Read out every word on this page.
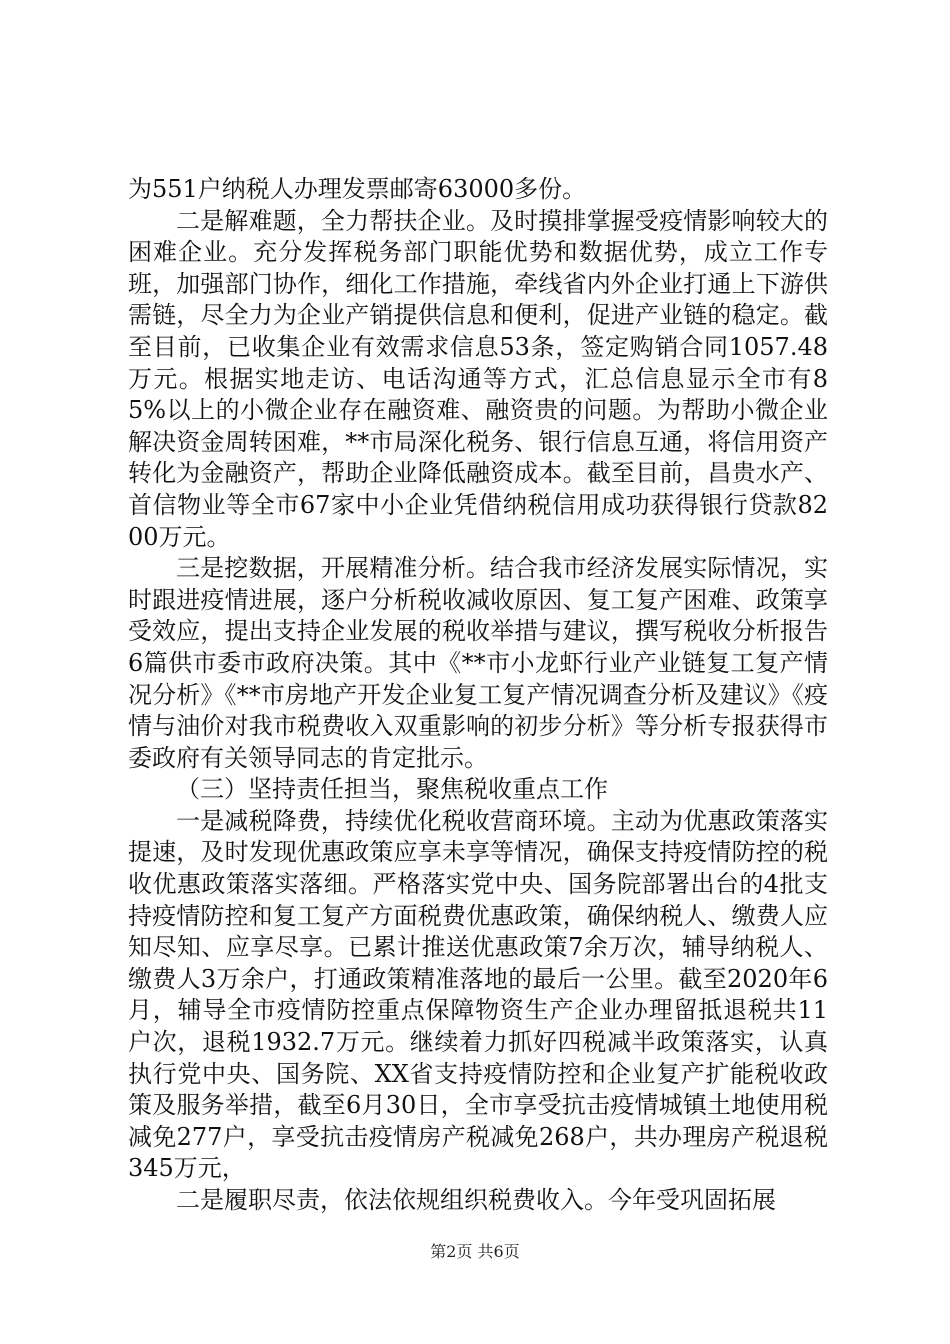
为551户纳税人办理发票邮寄63000多份。

二是解难题，全力帮扶企业。及时摸排掌握受疫情影响较大的困难企业。充分发挥税务部门职能优势和数据优势，成立工作专班，加强部门协作，细化工作措施，牵线省内外企业打通上下游供需链，尽全力为企业产销提供信息和便利，促进产业链的稳定。截至目前，已收集企业有效需求信息53条，签定购销合同1057.48万元。根据实地走访、电话沟通等方式，汇总信息显示全市有85%以上的小微企业存在融资难、融资贵的问题。为帮助小微企业解决资金周转困难，**市局深化税务、银行信息互通，将信用资产转化为金融资产，帮助企业降低融资成本。截至目前，昌贵水产、首信物业等全市67家中小企业凭借纳税信用成功获得银行贷款8200万元。

三是挖数据，开展精准分析。结合我市经济发展实际情况，实时跟进疫情进展，逐户分析税收减收原因、复工复产困难、政策享受效应，提出支持企业发展的税收举措与建议，撰写税收分析报告6篇供市委市政府决策。其中《**市小龙虾行业产业链复工复产情况分析》《**市房地产开发企业复工复产情况调查分析及建议》《疫情与油价对我市税费收入双重影响的初步分析》等分析专报获得市委政府有关领导同志的肯定批示。

（三）坚持责任担当，聚焦税收重点工作

一是减税降费，持续优化税收营商环境。主动为优惠政策落实提速，及时发现优惠政策应享未享等情况，确保支持疫情防控的税收优惠政策落实落细。严格落实党中央、国务院部署出台的4批支持疫情防控和复工复产方面税费优惠政策，确保纳税人、缴费人应知尽知、应享尽享。已累计推送优惠政策7余万次，辅导纳税人、缴费人3万余户，打通政策精准落地的最后一公里。截至2020年6月，辅导全市疫情防控重点保障物资生产企业办理留抵退税共11户次，退税1932.7万元。继续着力抓好四税减半政策落实，认真执行党中央、国务院、XX省支持疫情防控和企业复产扩能税收政策及服务举措，截至6月30日，全市享受抗击疫情城镇土地使用税减免277户，享受抗击疫情房产税减免268户，共办理房产税退税345万元，

二是履职尽责，依法依规组织税费收入。今年受巩固拓展

第2页 共6页
